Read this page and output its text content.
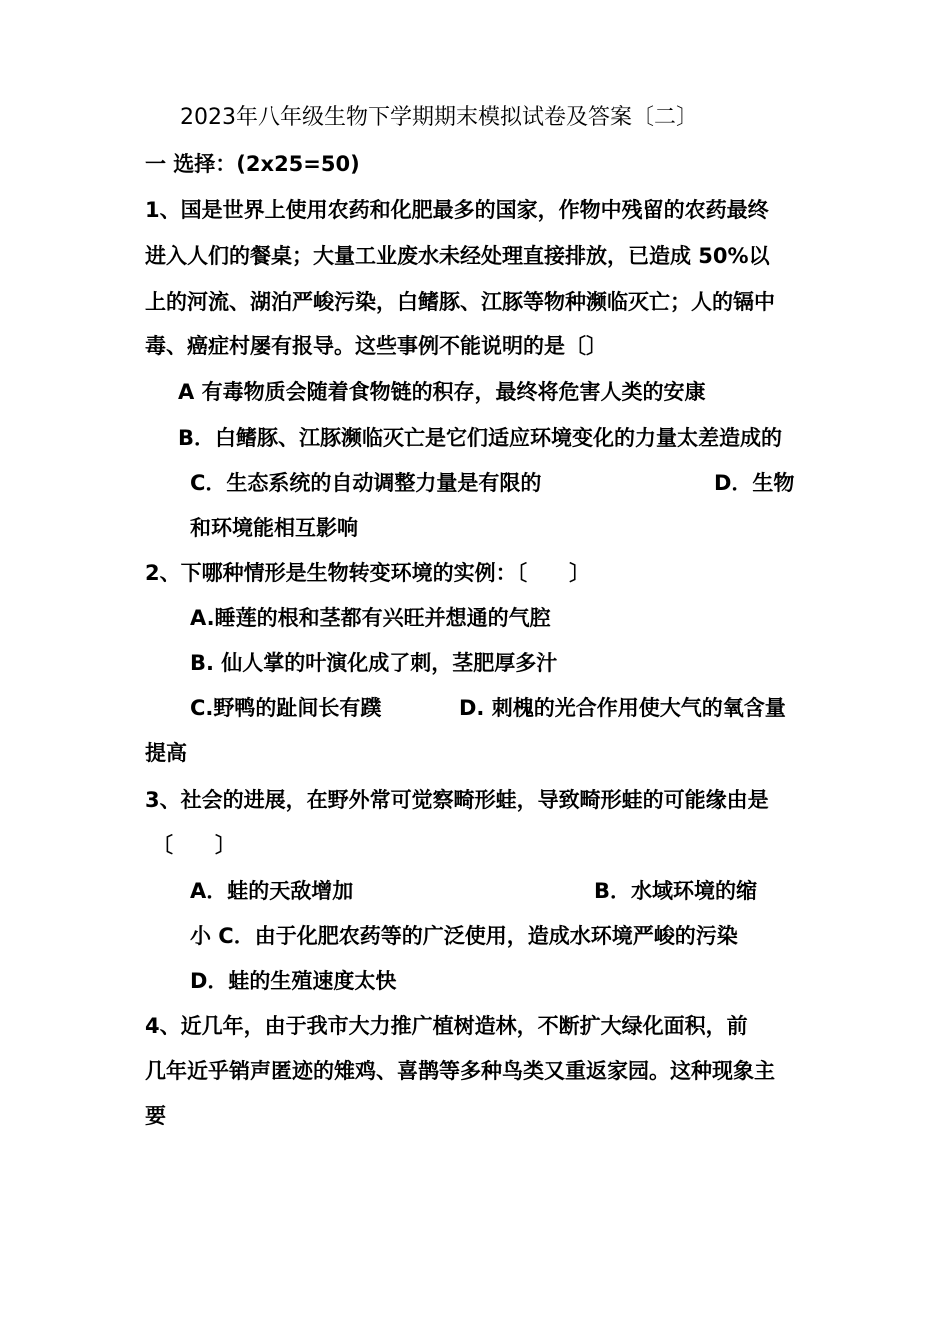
2023年八年级生物下学期期末模拟试卷及答案〔二〕
一 选择：(2x25=50)
1、国是世界上使用农药和化肥最多的国家，作物中残留的农药最终
进入人们的餐桌；大量工业废水未经处理直接排放，已造成 50%以
上的河流、湖泊严峻污染，白鳍豚、江豚等物种濒临灭亡；人的镉中
毒、癌症村屡有报导。这些事例不能说明的是〔〕
A 有毒物质会随着食物链的积存，最终将危害人类的安康
B．白鳍豚、江豚濒临灭亡是它们适应环境变化的力量太差造成的
C．生态系统的自动调整力量是有限的	D．生物
和环境能相互影响
2、下哪种情形是生物转变环境的实例：〔　　〕
A.睡莲的根和茎都有兴旺并想通的气腔
B. 仙人掌的叶演化成了刺，茎肥厚多汁
C.野鸭的趾间长有蹼	D. 刺槐的光合作用使大气的氧含量
提高
3、社会的进展，在野外常可觉察畸形蛙，导致畸形蛙的可能缘由是
〔　　〕
A．蛙的天敌增加	B．水域环境的缩
小 C．由于化肥农药等的广泛使用，造成水环境严峻的污染
D．蛙的生殖速度太快
4、近几年，由于我市大力推广植树造林，不断扩大绿化面积，前
几年近乎销声匿迹的雉鸡、喜鹊等多种鸟类又重返家园。这种现象主
要
